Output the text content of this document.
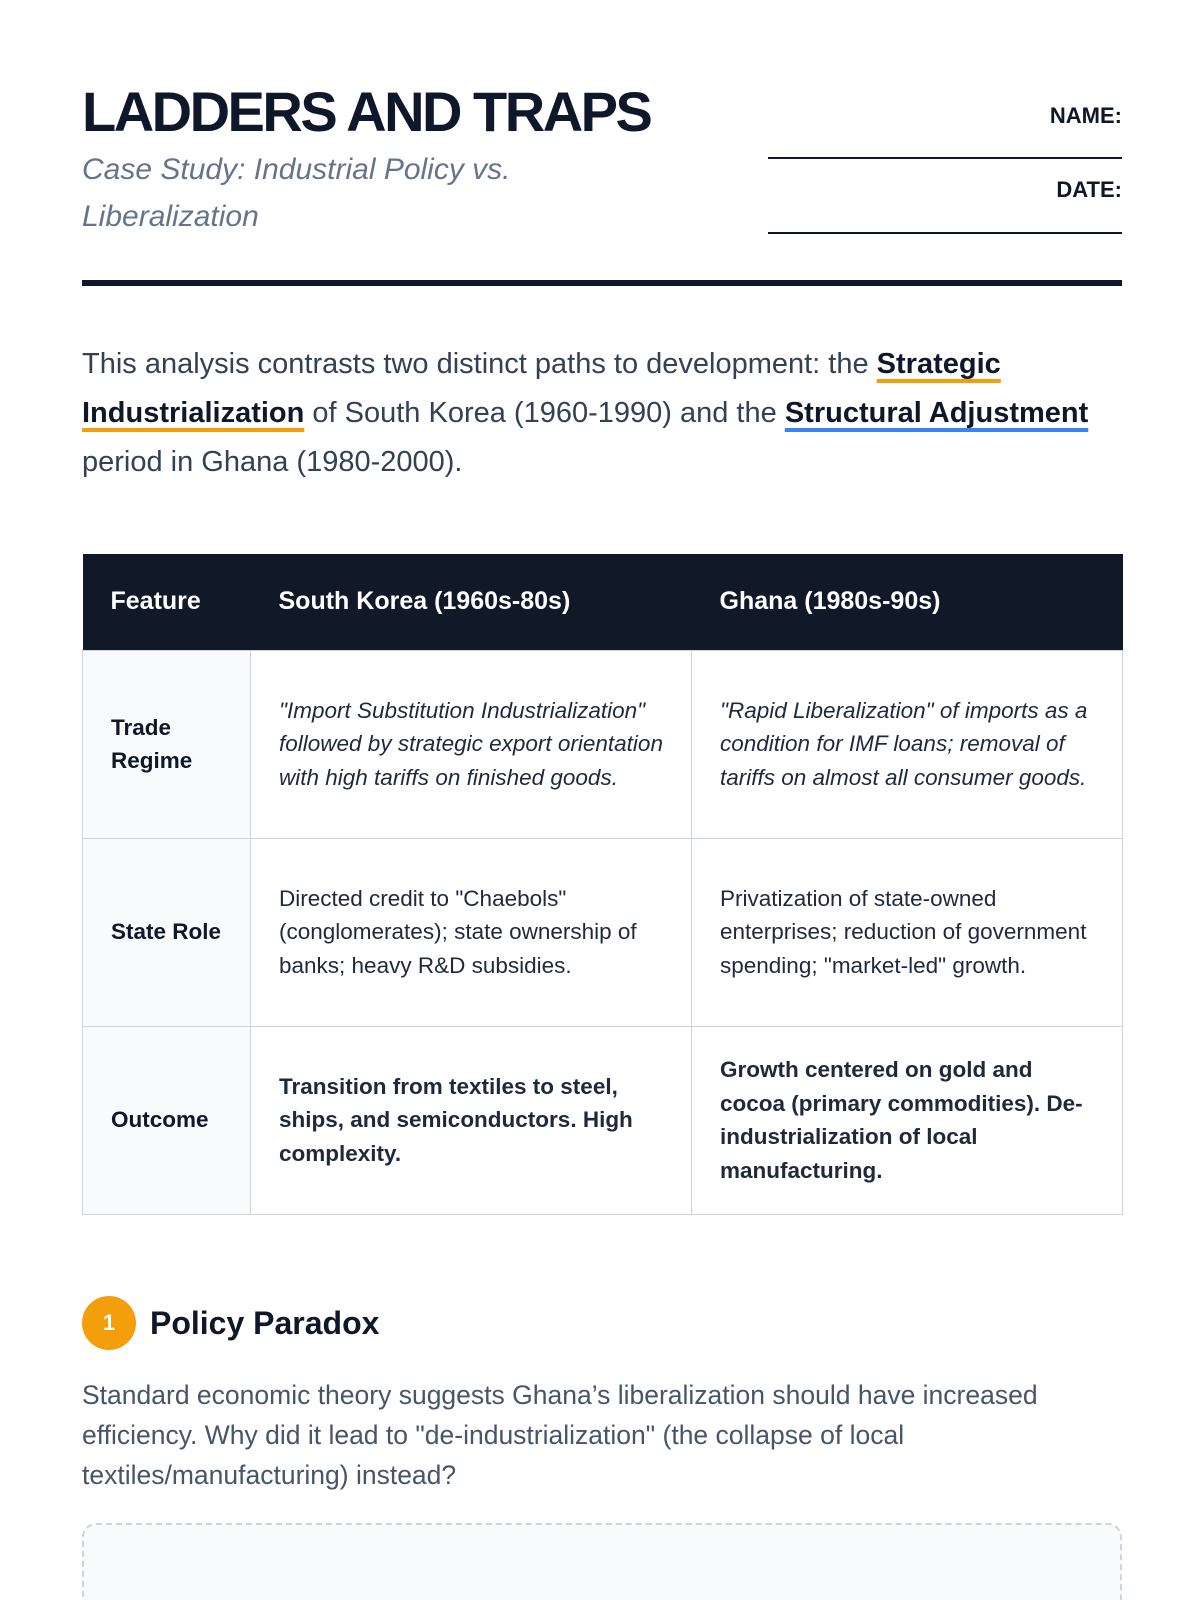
LADDERS AND TRAPS
Case Study: Industrial Policy vs. Liberalization
NAME:
DATE:

This analysis contrasts two distinct paths to development: the Strategic Industrialization of South Korea (1960-1990) and the Structural Adjustment period in Ghana (1980-2000).

Feature	South Korea (1960s-80s)	Ghana (1980s-90s)
Trade Regime	"Import Substitution Industrialization" followed by strategic export orientation with high tariffs on finished goods.	"Rapid Liberalization" of imports as a condition for IMF loans; removal of tariffs on almost all consumer goods.
State Role	Directed credit to "Chaebols" (conglomerates); state ownership of banks; heavy R&D subsidies.	Privatization of state-owned enterprises; reduction of government spending; "market-led" growth.
Outcome	Transition from textiles to steel, ships, and semiconductors. High complexity.	Growth centered on gold and cocoa (primary commodities). De-industrialization of local manufacturing.
1	Policy Paradox

Standard economic theory suggests Ghana’s liberalization should have increased efficiency. Why did it lead to "de-industrialization" (the collapse of local textiles/manufacturing) instead?
